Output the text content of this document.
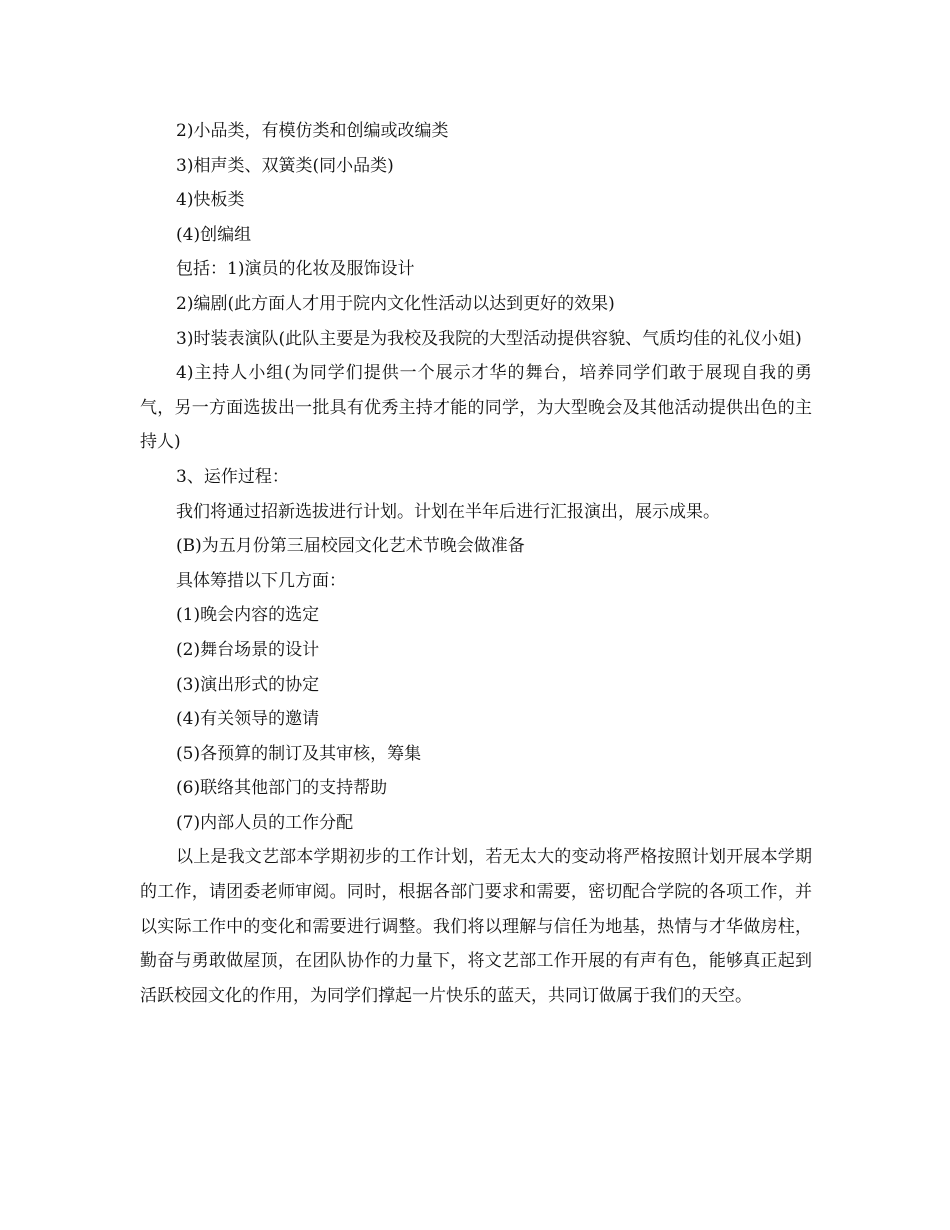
2)小品类，有模仿类和创编或改编类

3)相声类、双簧类(同小品类)

4)快板类

(4)创编组

包括：1)演员的化妆及服饰设计

2)编剧(此方面人才用于院内文化性活动以达到更好的效果)

3)时装表演队(此队主要是为我校及我院的大型活动提供容貌、气质均佳的礼仪小姐)

4)主持人小组(为同学们提供一个展示才华的舞台，培养同学们敢于展现自我的勇气，另一方面选拔出一批具有优秀主持才能的同学，为大型晚会及其他活动提供出色的主持人)

3、运作过程：

我们将通过招新选拔进行计划。计划在半年后进行汇报演出，展示成果。

(B)为五月份第三届校园文化艺术节晚会做准备

具体筹措以下几方面：

(1)晚会内容的选定

(2)舞台场景的设计

(3)演出形式的协定

(4)有关领导的邀请

(5)各预算的制订及其审核，筹集

(6)联络其他部门的支持帮助

(7)内部人员的工作分配

以上是我文艺部本学期初步的工作计划，若无太大的变动将严格按照计划开展本学期的工作，请团委老师审阅。同时，根据各部门要求和需要，密切配合学院的各项工作，并以实际工作中的变化和需要进行调整。我们将以理解与信任为地基，热情与才华做房柱，勤奋与勇敢做屋顶，在团队协作的力量下，将文艺部工作开展的有声有色，能够真正起到活跃校园文化的作用，为同学们撑起一片快乐的蓝天，共同订做属于我们的天空。
